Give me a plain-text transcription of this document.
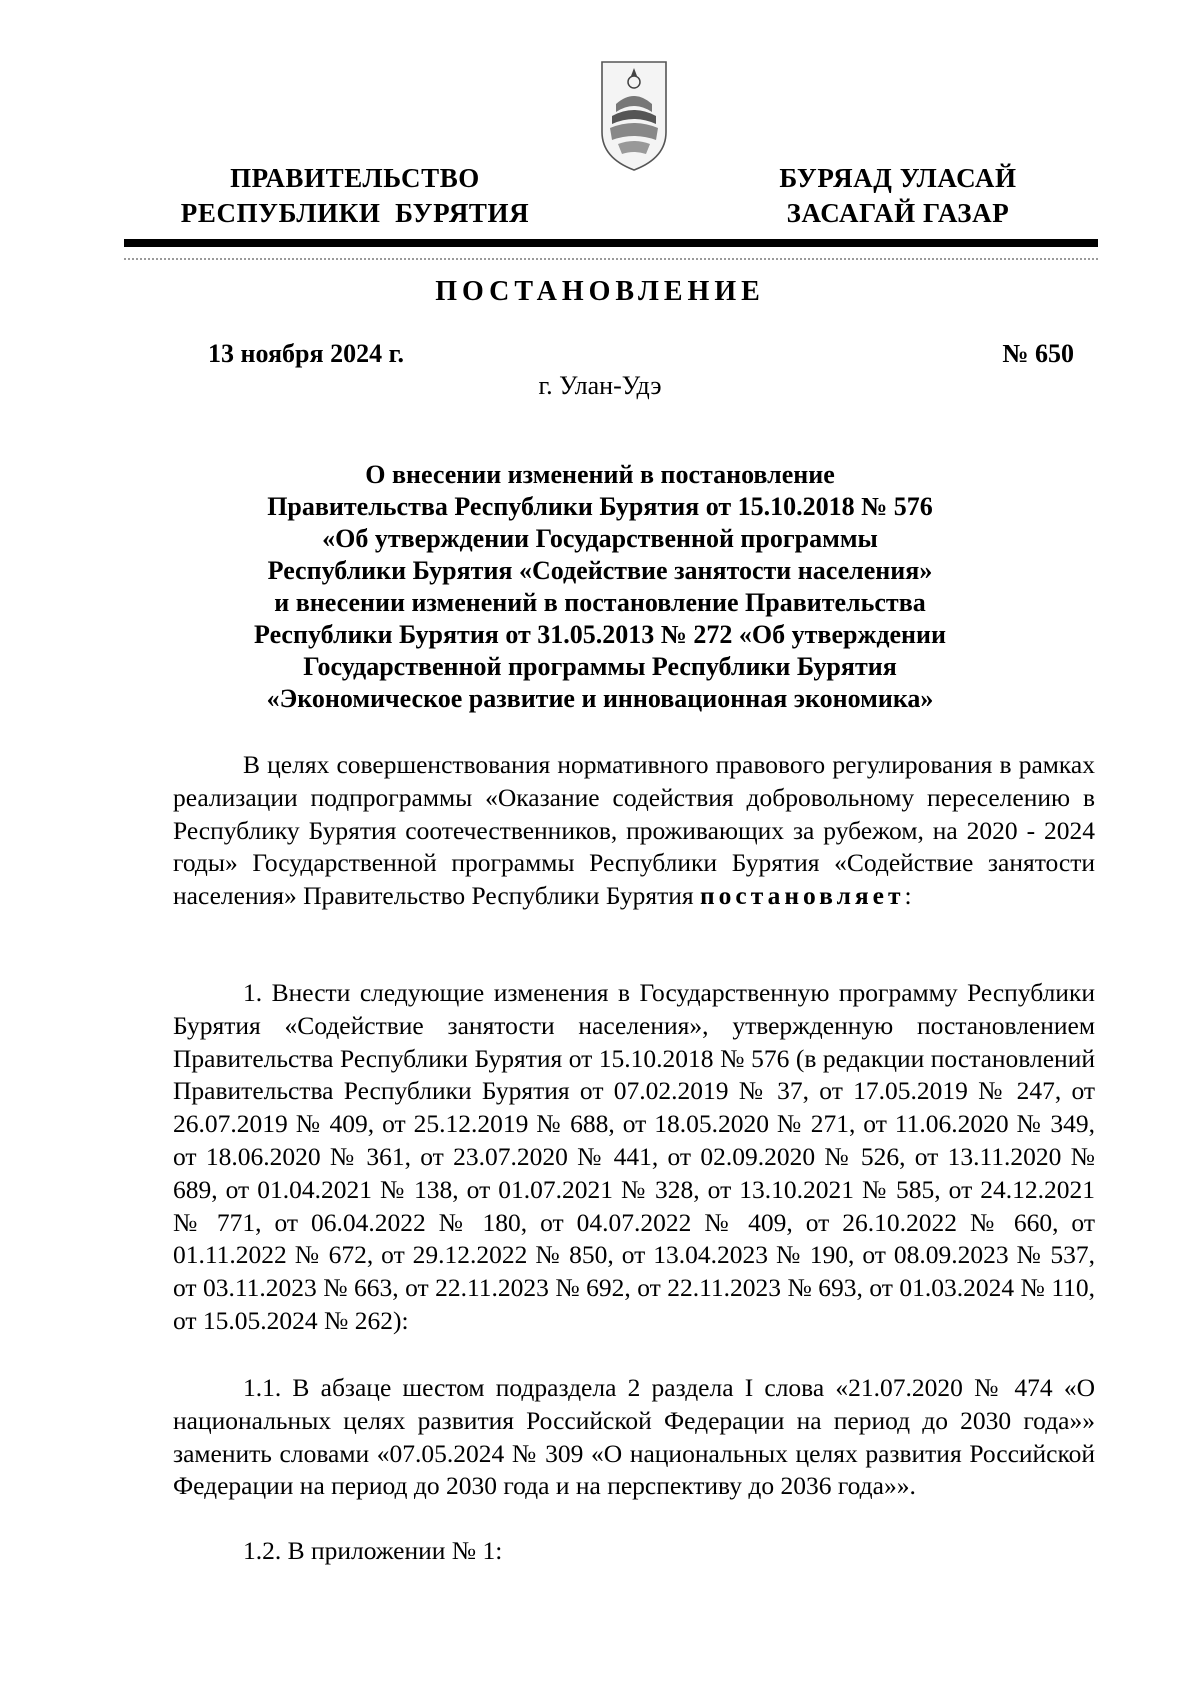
ПРАВИТЕЛЬСТВО
РЕСПУБЛИКИ  БУРЯТИЯ
БУРЯАД УЛАСАЙ
ЗАСАГАЙ ГАЗАР
ПОСТАНОВЛЕНИЕ
13 ноября 2024 г.	№ 650
г. Улан-Удэ
О внесении изменений в постановление
Правительства Республики Бурятия от 15.10.2018 № 576
«Об утверждении Государственной программы
Республики Бурятия «Содействие занятости населения»
и внесении изменений в постановление Правительства
Республики Бурятия от 31.05.2013 № 272 «Об утверждении
Государственной программы Республики Бурятия
«Экономическое развитие и инновационная экономика»
В целях совершенствования нормативного правового регулирования в рамках реализации подпрограммы «Оказание содействия добровольному переселению в Республику Бурятия соотечественников, проживающих за рубежом, на 2020 - 2024 годы» Государственной программы Республики Бурятия «Содействие занятости населения» Правительство Республики Бурятия постановляет:
1. Внести следующие изменения в Государственную программу Республики Бурятия «Содействие занятости населения», утвержденную постановлением Правительства Республики Бурятия от 15.10.2018 № 576 (в редакции постановлений Правительства Республики Бурятия от 07.02.2019 № 37, от 17.05.2019 № 247, от 26.07.2019 № 409, от 25.12.2019 № 688, от 18.05.2020 № 271, от 11.06.2020 № 349, от 18.06.2020 № 361, от 23.07.2020 № 441, от 02.09.2020 № 526, от 13.11.2020 № 689, от 01.04.2021 № 138, от 01.07.2021 № 328, от 13.10.2021 № 585, от 24.12.2021 № 771, от 06.04.2022 № 180, от 04.07.2022 № 409, от 26.10.2022 № 660, от 01.11.2022 № 672, от 29.12.2022 № 850, от 13.04.2023 № 190, от 08.09.2023 № 537, от 03.11.2023 № 663, от 22.11.2023 № 692, от 22.11.2023 № 693, от 01.03.2024 № 110, от 15.05.2024 № 262):
1.1. В абзаце шестом подраздела 2 раздела I слова «21.07.2020 № 474 «О национальных целях развития Российской Федерации на период до 2030 года»» заменить словами «07.05.2024 № 309 «О национальных целях развития Российской Федерации на период до 2030 года и на перспективу до 2036 года»».
1.2. В приложении № 1:
